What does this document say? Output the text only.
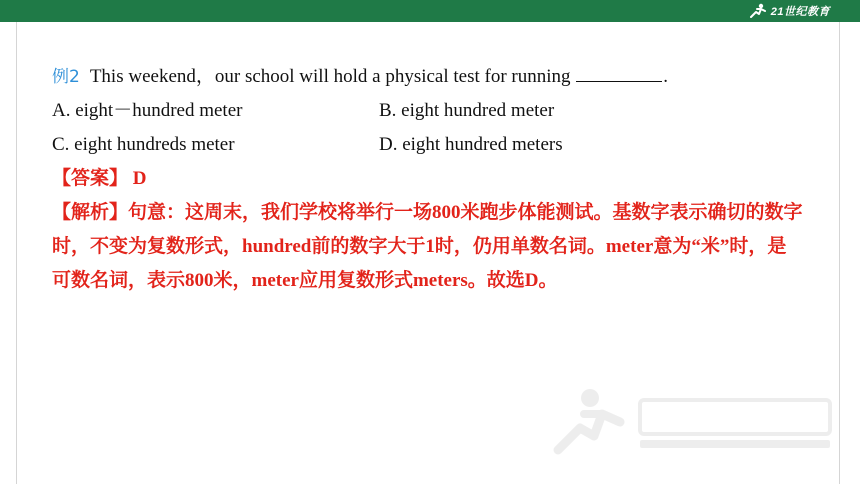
21世纪教育
例2 This weekend，our school will hold a physical test for running	.
A. eight－hundred meter	B. eight hundred meter
C. eight hundreds meter	D. eight hundred meters
【答案】 D
【解析】句意：这周末，我们学校将举行一场800米跑步体能测试。基数字表示确切的数字时，不变为复数形式，hundred前的数字大于1时，仍用单数名词。meter意为“米”时，是可数名词，表示800米，meter应用复数形式meters。故选D。
